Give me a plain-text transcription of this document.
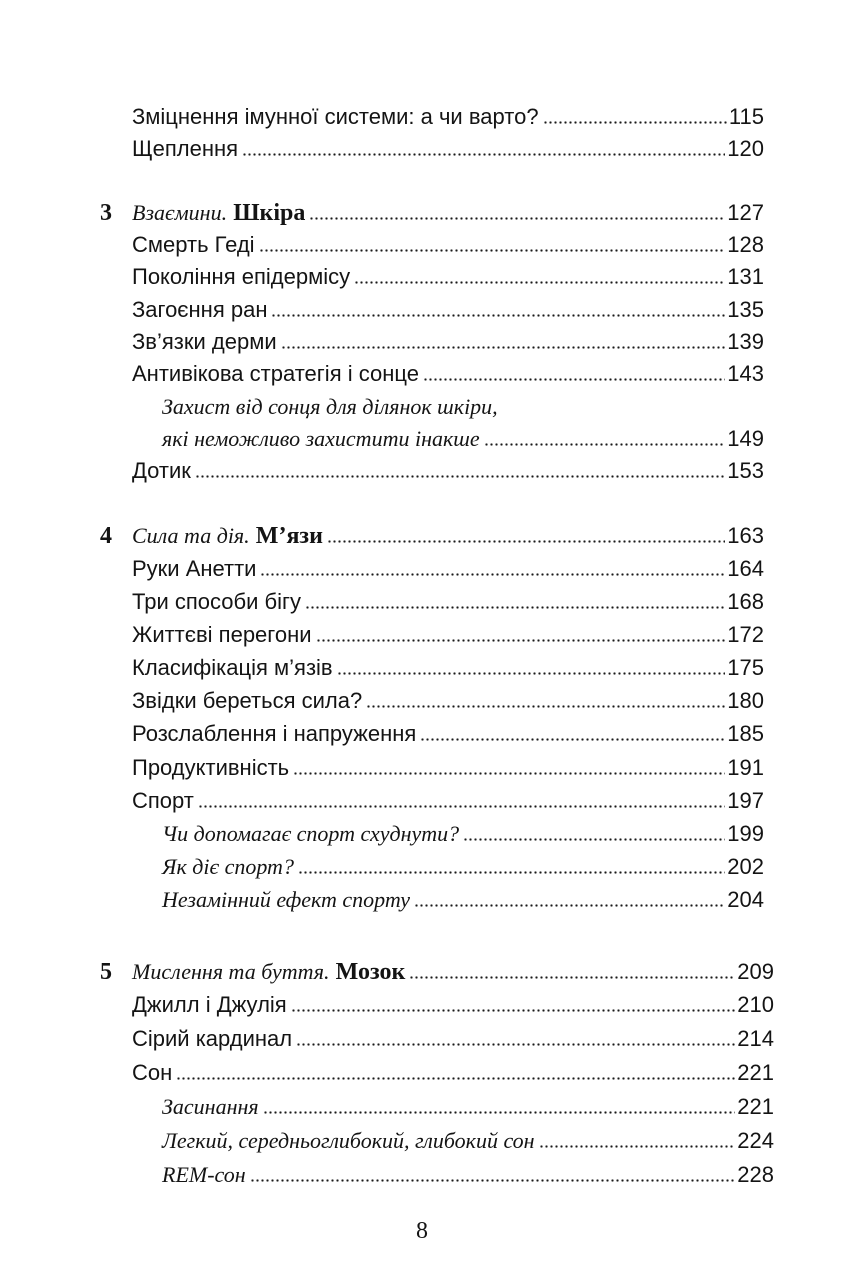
Зміцнення імунної системи: а чи варто?	115
Щеплення	120
3 Взаємини. Шкіра	127
Смерть Геді	128
Покоління епідермісу	131
Загоєння ран	135
Зв’язки дерми	139
Антивікова стратегія і сонце	143
Захист від сонця для ділянок шкіри,
які неможливо захистити інакше	149
Дотик	153
4 Сила та дія. М’язи	163
Руки Анетти	164
Три способи бігу	168
Життєві перегони	172
Класифікація м’язів	175
Звідки береться сила?	180
Розслаблення і напруження	185
Продуктивність	191
Спорт	197
Чи допомагає спорт схуднути?	199
Як діє спорт?	202
Незамінний ефект спорту	204
5 Мислення та буття. Мозок	209
Джилл і Джулія	210
Сірий кардинал	214
Сон	221
Засинання	221
Легкий, середньоглибокий, глибокий сон	224
REM-сон	228
8
